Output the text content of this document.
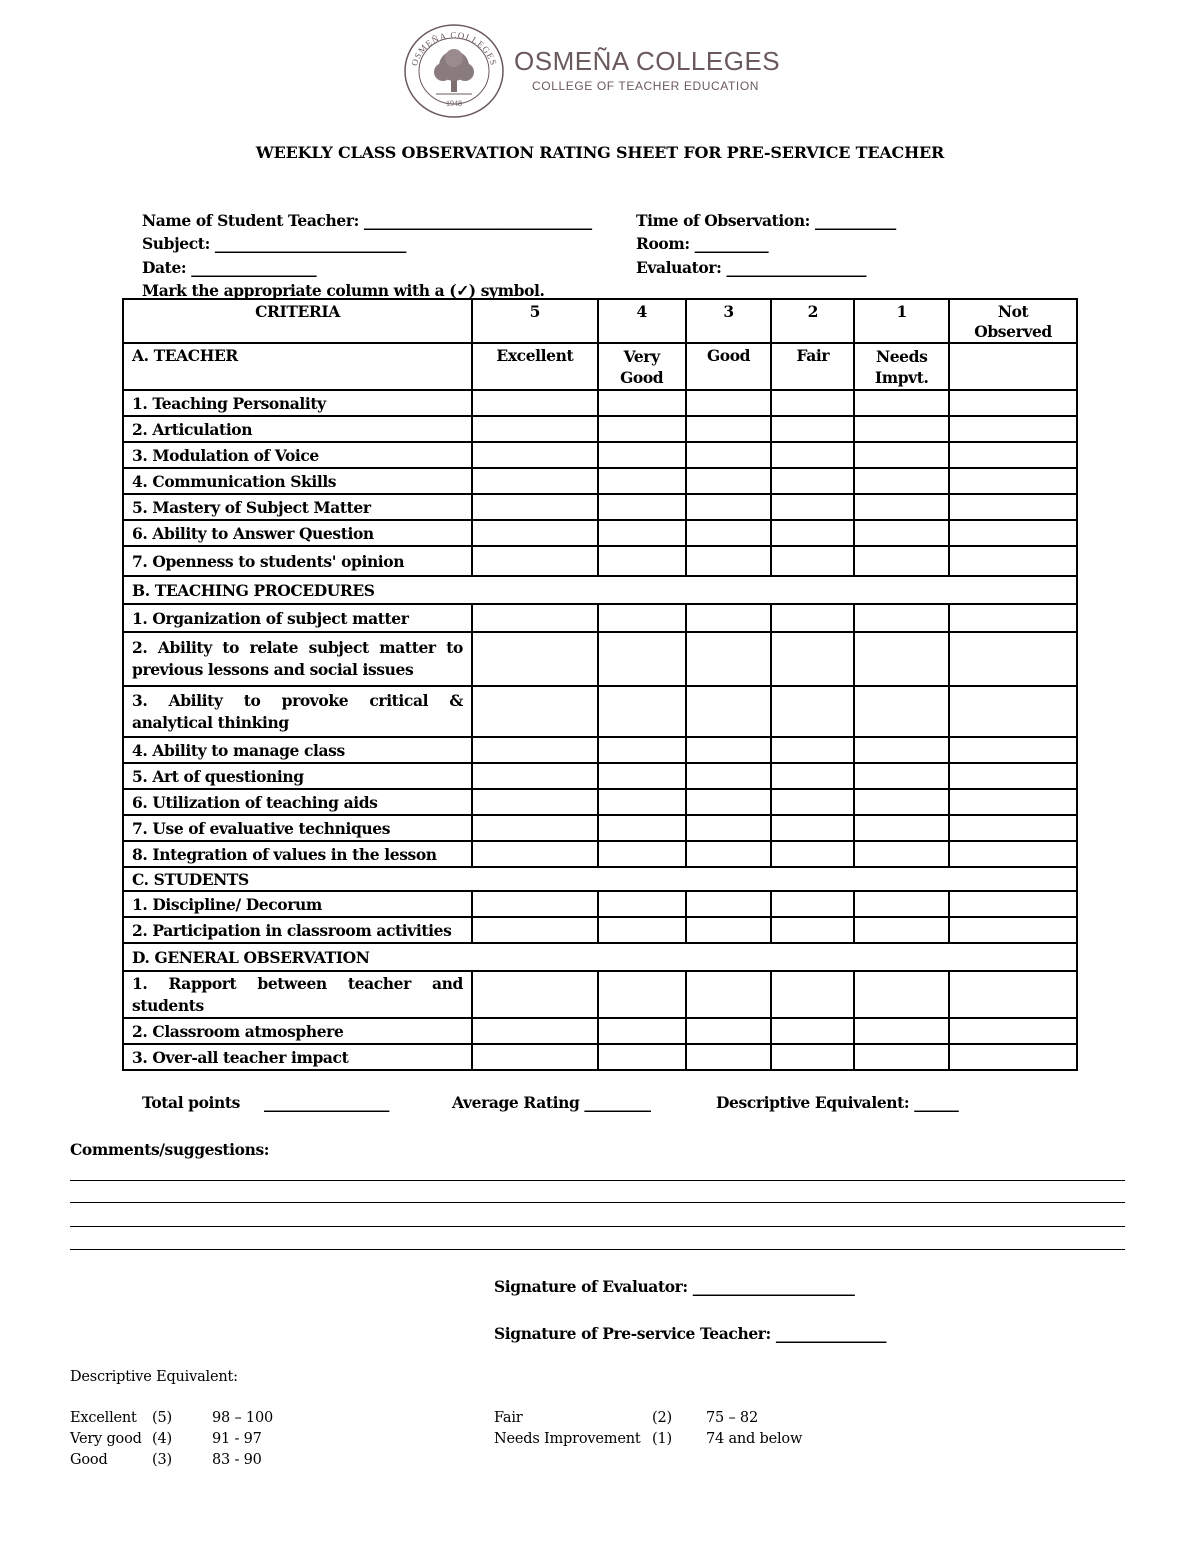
OSMEÑA COLLEGES
1948
OSMEÑA COLLEGES
COLLEGE OF TEACHER EDUCATION
WEEKLY CLASS OBSERVATION RATING SHEET FOR PRE-SERVICE TEACHER
Name of Student Teacher: _______________________________
Subject: __________________________
Date: _________________
Mark the appropriate column with a (✓) symbol.
Time of Observation: ___________
Room: __________
Evaluator: ___________________
CRITERIA	5	4	3	2	1	Not Observed
A. TEACHER	Excellent	Very Good	Good	Fair	Needs Impvt.	
1. Teaching Personality						
2. Articulation						
3. Modulation of Voice						
4. Communication Skills						
5. Mastery of Subject Matter						
6. Ability to Answer Question						
7. Openness to students' opinion						
B. TEACHING PROCEDURES						
1. Organization of subject matter						
2. Ability to relate subject matter to previous lessons and social issues						
3. Ability to provoke critical & analytical thinking						
4. Ability to manage class						
5. Art of questioning						
6. Utilization of teaching aids						
7. Use of evaluative techniques						
8. Integration of values in the lesson						
C. STUDENTS						
1. Discipline/ Decorum						
2. Participation in classroom activities						
D. GENERAL OBSERVATION						
1. Rapport between teacher and students						
2. Classroom atmosphere						
3. Over-all teacher impact						
Total points _________________	Average Rating _________	Descriptive Equivalent: ______
Comments/suggestions:
Signature of Evaluator: ______________________
Signature of Pre-service Teacher: _______________
Descriptive Equivalent:
Excellent (5)	98 – 100
Very good (4)	91 - 97
Good	(3)	83 - 90
Fair	(2) 75 – 82
Needs Improvement (1) 74 and below
